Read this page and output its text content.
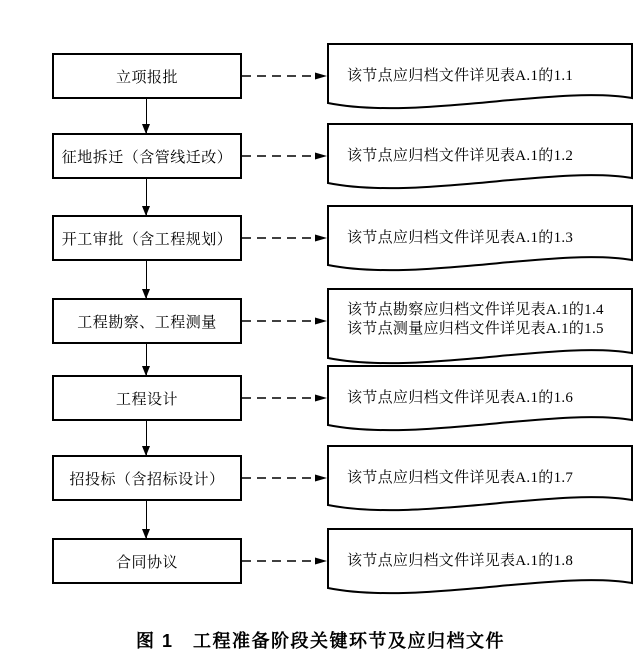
立项报批	该节点应归档文件详见表A.1的1.1
征地拆迁（含管线迁改）	该节点应归档文件详见表A.1的1.2
开工审批（含工程规划）	该节点应归档文件详见表A.1的1.3
工程勘察、工程测量
该节点勘察应归档文件详见表A.1的1.4
该节点测量应归档文件详见表A.1的1.5
工程设计	该节点应归档文件详见表A.1的1.6
招投标（含招标设计）	该节点应归档文件详见表A.1的1.7
合同协议	该节点应归档文件详见表A.1的1.8
图 1　工程准备阶段关键环节及应归档文件
